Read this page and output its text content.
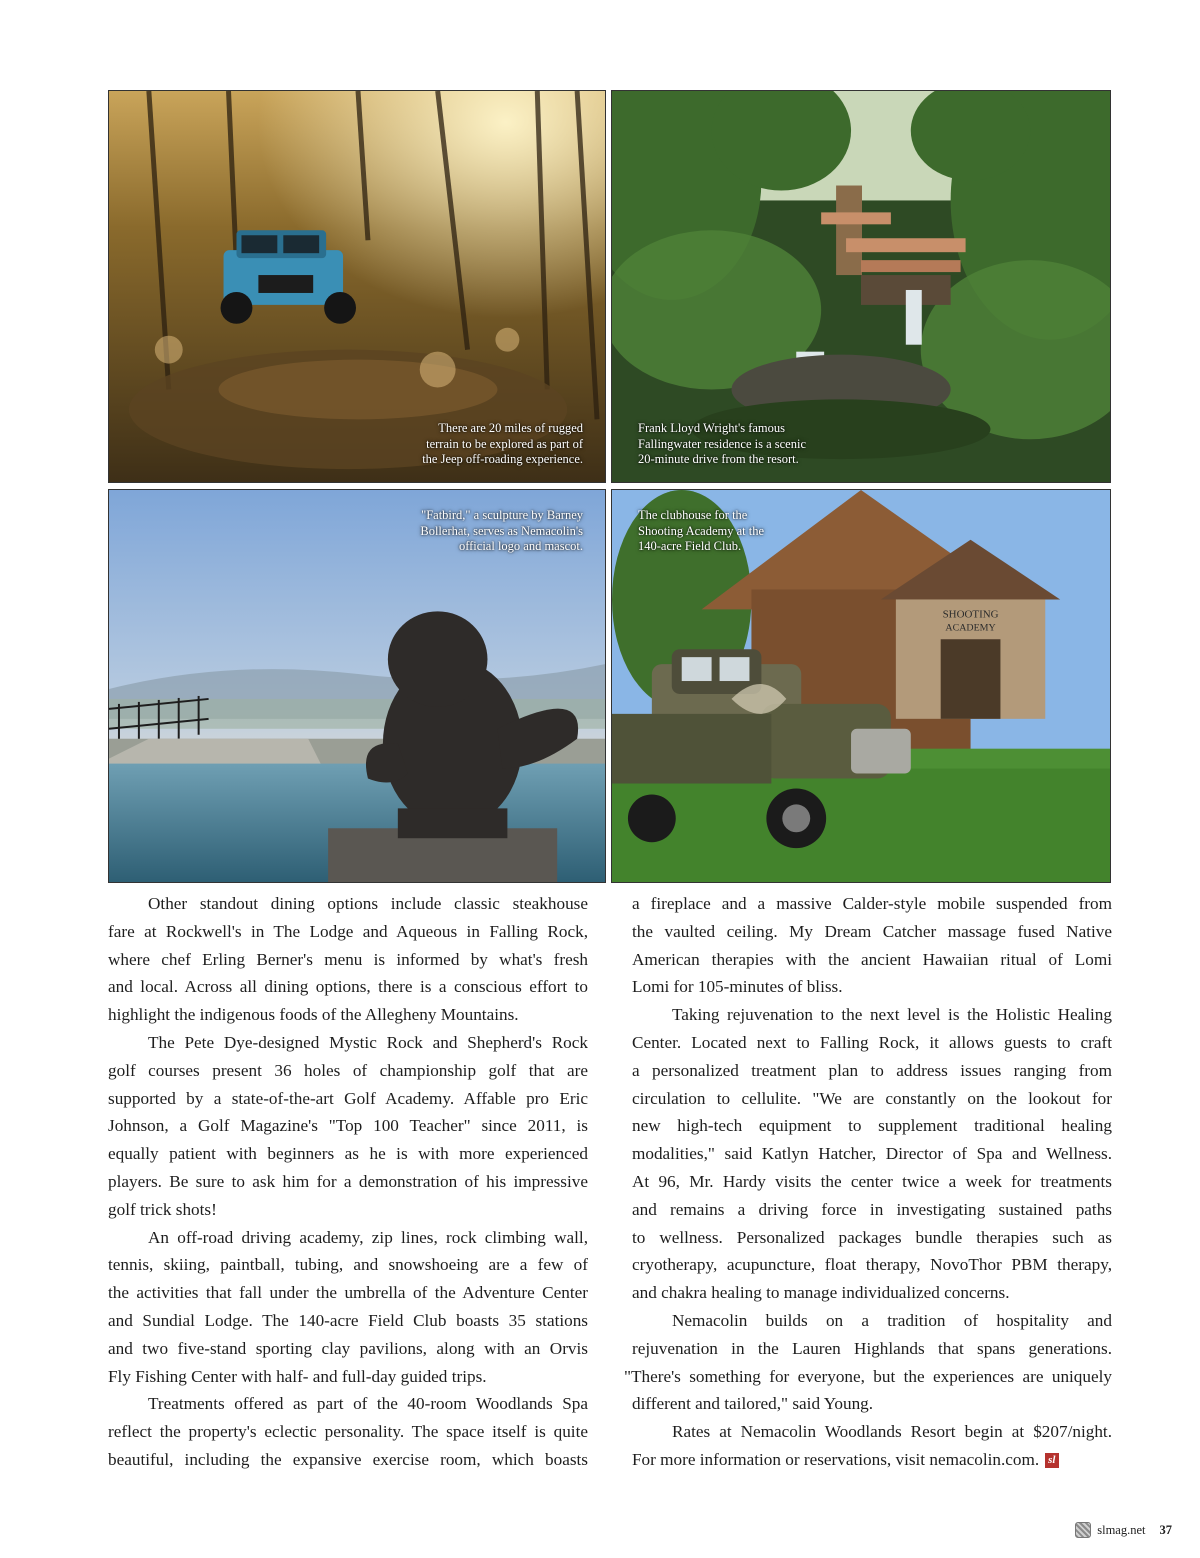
There are 20 miles of rugged
terrain to be explored as part of
the Jeep off-roading experience.
Frank Lloyd Wright's famous
Fallingwater residence is a scenic
20-minute drive from the resort.
"Fatbird," a sculpture by Barney
Bollerhat, serves as Nemacolin's
official logo and mascot.
SHOOTING
ACADEMY
The clubhouse for the
Shooting Academy at the
140-acre Field Club.
Other standout dining options include classic steakhouse
fare at Rockwell's in The Lodge and Aqueous in Falling Rock,
where chef Erling Berner's menu is informed by what's fresh
and local. Across all dining options, there is a conscious effort to
highlight the indigenous foods of the Allegheny Mountains.
The Pete Dye-designed Mystic Rock and Shepherd's Rock
golf courses present 36 holes of championship golf that are
supported by a state-of-the-art Golf Academy. Affable pro Eric
Johnson, a Golf Magazine's "Top 100 Teacher" since 2011, is
equally patient with beginners as he is with more experienced
players. Be sure to ask him for a demonstration of his impressive
golf trick shots!
An off-road driving academy, zip lines, rock climbing wall,
tennis, skiing, paintball, tubing, and snowshoeing are a few of
the activities that fall under the umbrella of the Adventure Center
and Sundial Lodge. The 140-acre Field Club boasts 35 stations
and two five-stand sporting clay pavilions, along with an Orvis
Fly Fishing Center with half- and full-day guided trips.
Treatments offered as part of the 40-room Woodlands Spa
reflect the property's eclectic personality. The space itself is quite
beautiful, including the expansive exercise room, which boasts
a fireplace and a massive Calder-style mobile suspended from
the vaulted ceiling. My Dream Catcher massage fused Native
American therapies with the ancient Hawaiian ritual of Lomi
Lomi for 105-minutes of bliss.
Taking rejuvenation to the next level is the Holistic Healing
Center. Located next to Falling Rock, it allows guests to craft
a personalized treatment plan to address issues ranging from
circulation to cellulite. "We are constantly on the lookout for
new high-tech equipment to supplement traditional healing
modalities," said Katlyn Hatcher, Director of Spa and Wellness.
At 96, Mr. Hardy visits the center twice a week for treatments
and remains a driving force in investigating sustained paths
to wellness. Personalized packages bundle therapies such as
cryotherapy, acupuncture, float therapy, NovoThor PBM therapy,
and chakra healing to manage individualized concerns.
Nemacolin builds on a tradition of hospitality and
rejuvenation in the Lauren Highlands that spans generations.
"There's something for everyone, but the experiences are uniquely
different and tailored," said Young.
Rates at Nemacolin Woodlands Resort begin at $207/night.
For more information or reservations, visit nemacolin.com. sl
slmag.net 37
